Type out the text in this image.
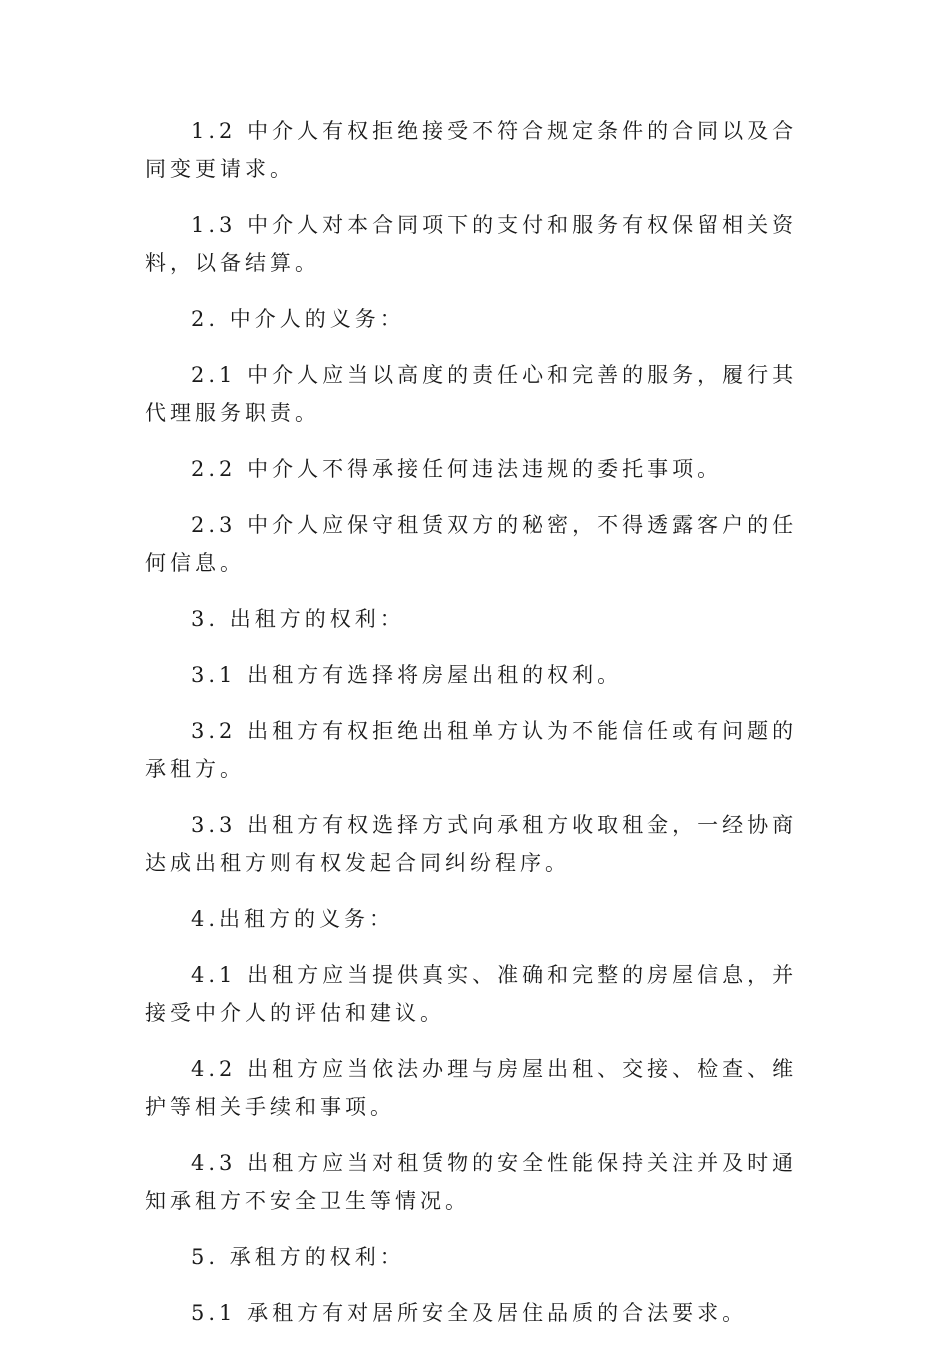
1.2 中介人有权拒绝接受不符合规定条件的合同以及合同变更请求。

1.3 中介人对本合同项下的支付和服务有权保留相关资料，以备结算。

2. 中介人的义务：

2.1 中介人应当以高度的责任心和完善的服务，履行其代理服务职责。

2.2 中介人不得承接任何违法违规的委托事项。

2.3 中介人应保守租赁双方的秘密，不得透露客户的任何信息。

3. 出租方的权利：

3.1 出租方有选择将房屋出租的权利。

3.2 出租方有权拒绝出租单方认为不能信任或有问题的承租方。

3.3 出租方有权选择方式向承租方收取租金，一经协商达成出租方则有权发起合同纠纷程序。

4.出租方的义务：

4.1 出租方应当提供真实、准确和完整的房屋信息，并接受中介人的评估和建议。

4.2 出租方应当依法办理与房屋出租、交接、检查、维护等相关手续和事项。

4.3 出租方应当对租赁物的安全性能保持关注并及时通知承租方不安全卫生等情况。

5. 承租方的权利：

5.1 承租方有对居所安全及居住品质的合法要求。
